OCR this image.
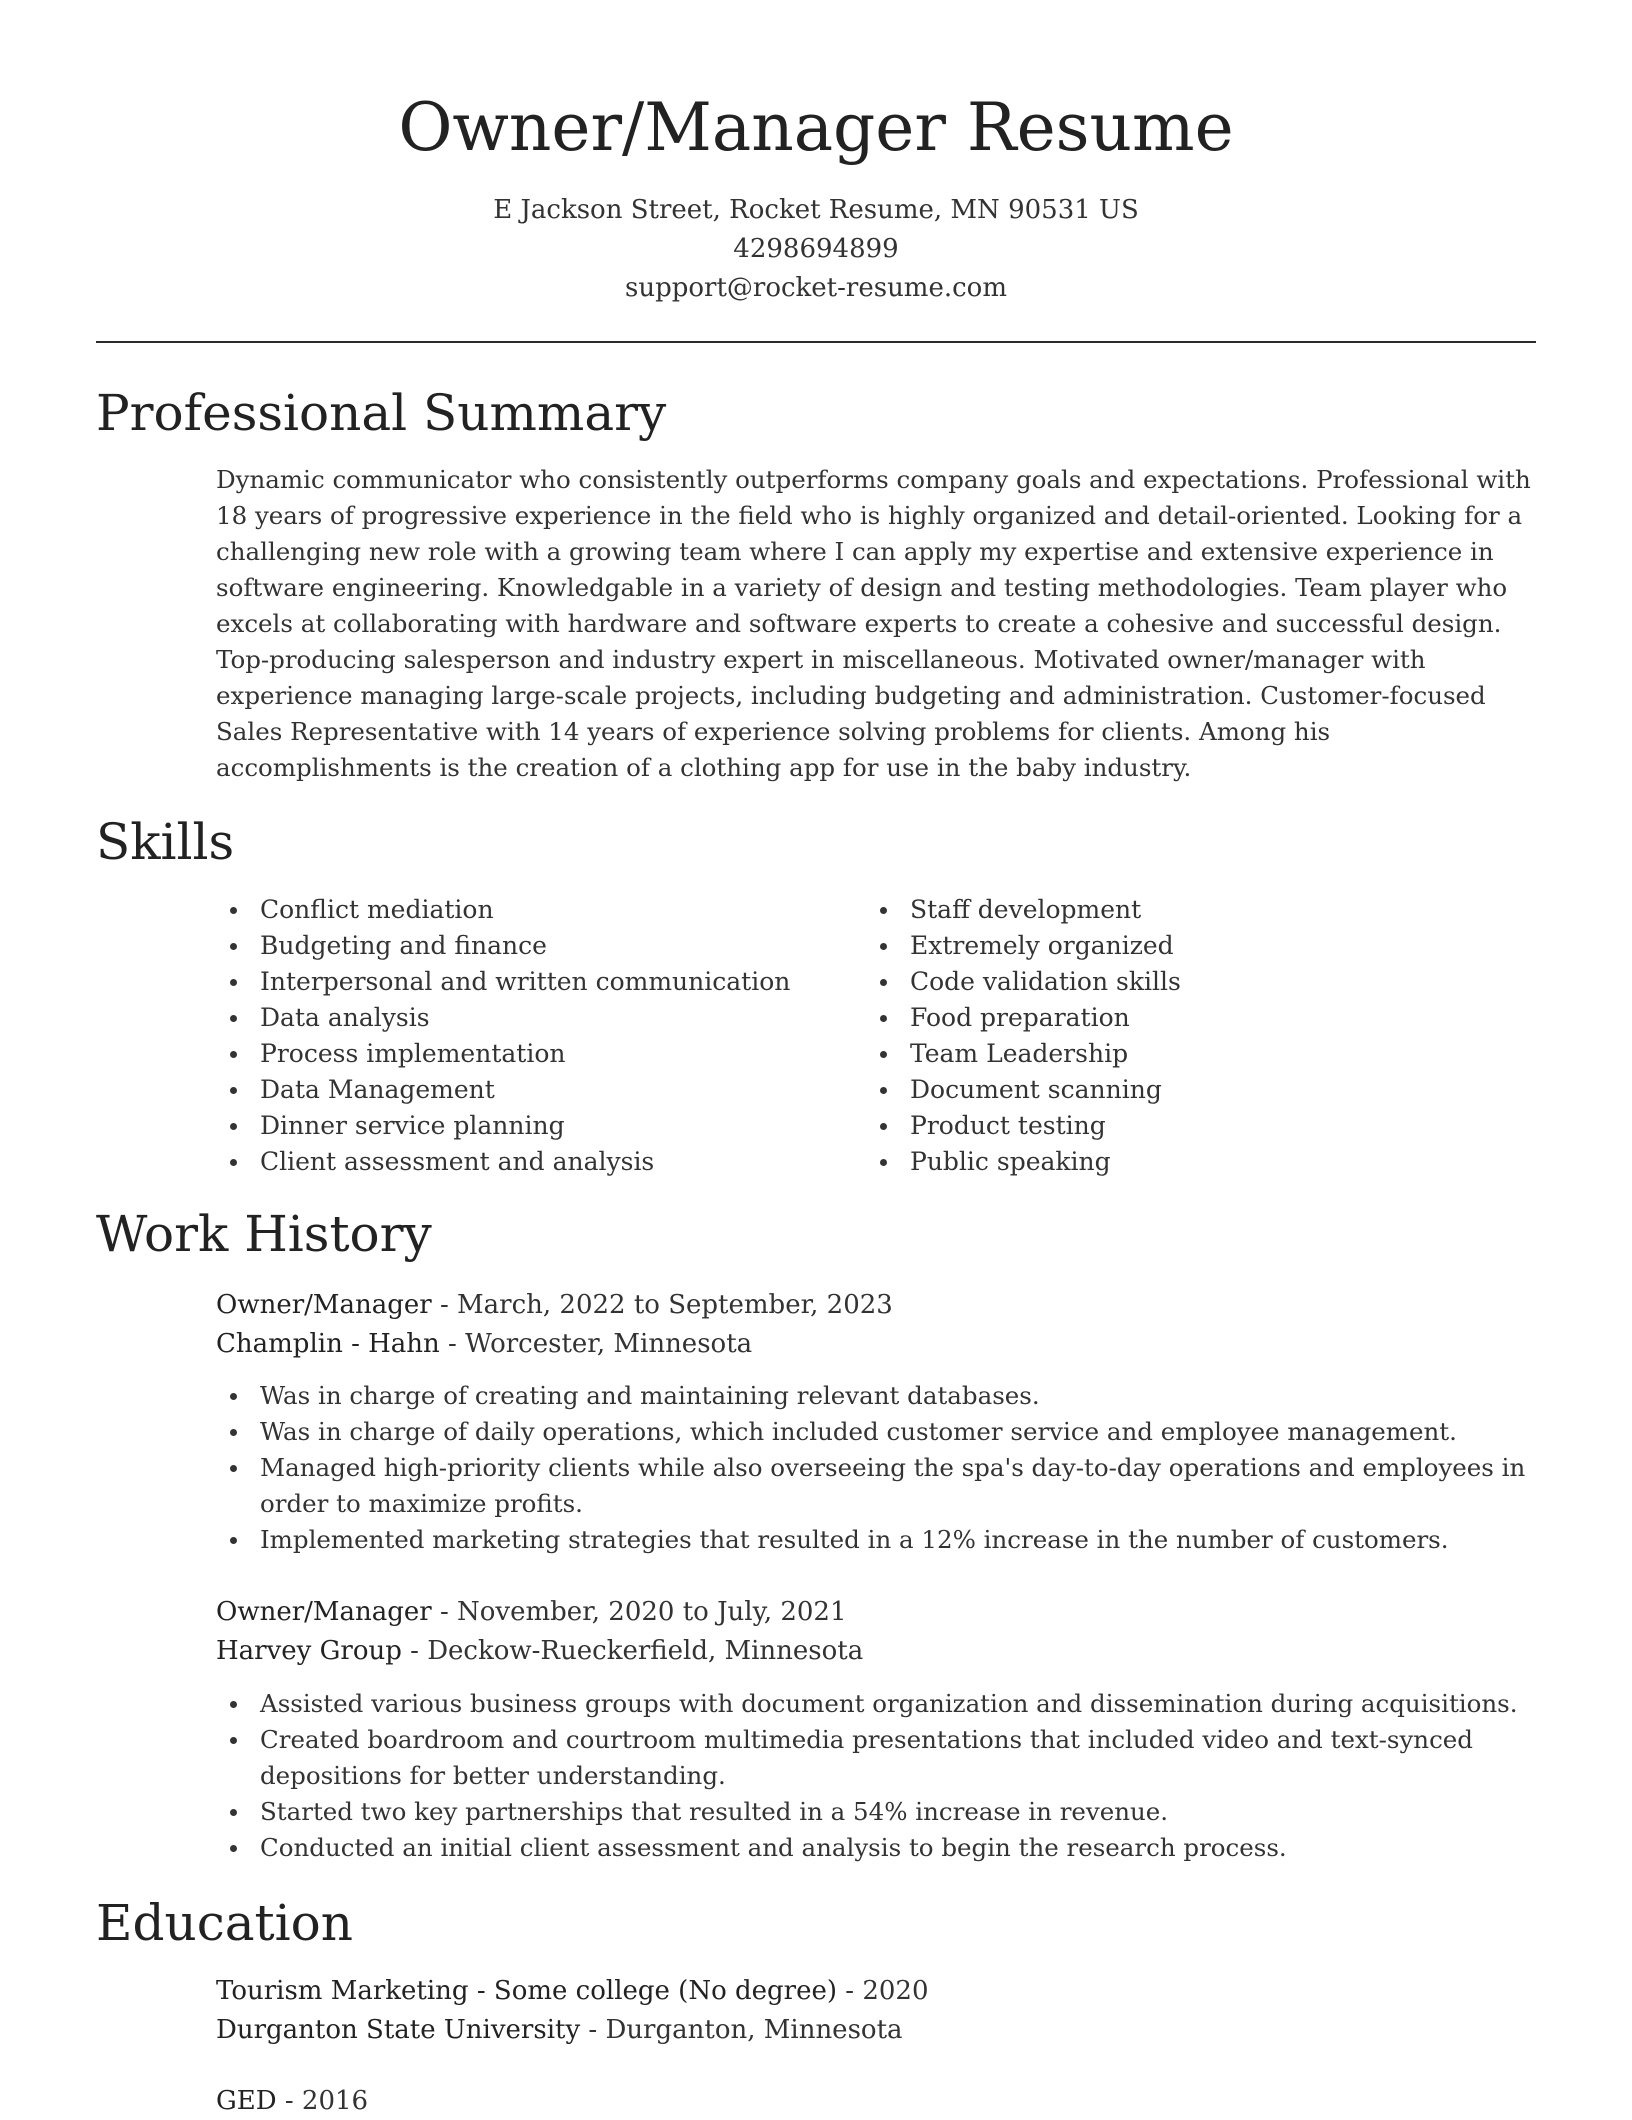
Owner/Manager Resume
E Jackson Street, Rocket Resume, MN 90531 US
4298694899
support@rocket-resume.com
Professional Summary

Dynamic communicator who consistently outperforms company goals and expectations. Professional with 18 years of progressive experience in the field who is highly organized and detail-oriented. Looking for a challenging new role with a growing team where I can apply my expertise and extensive experience in software engineering. Knowledgable in a variety of design and testing methodologies. Team player who excels at collaborating with hardware and software experts to create a cohesive and successful design. Top-producing salesperson and industry expert in miscellaneous. Motivated owner/manager with experience managing large-scale projects, including budgeting and administration. Customer-focused Sales Representative with 14 years of experience solving problems for clients. Among his accomplishments is the creation of a clothing app for use in the baby industry.

Skills
Conflict mediation
Budgeting and finance
Interpersonal and written communication
Data analysis
Process implementation
Data Management
Dinner service planning
Client assessment and analysis
Staff development
Extremely organized
Code validation skills
Food preparation
Team Leadership
Document scanning
Product testing
Public speaking
Work History
Owner/Manager - March, 2022 to September, 2023
Champlin - Hahn - Worcester, Minnesota
Was in charge of creating and maintaining relevant databases.
Was in charge of daily operations, which included customer service and employee management.
Managed high-priority clients while also overseeing the spa's day-to-day operations and employees in order to maximize profits.
Implemented marketing strategies that resulted in a 12% increase in the number of customers.
Owner/Manager - November, 2020 to July, 2021
Harvey Group - Deckow-Rueckerfield, Minnesota
Assisted various business groups with document organization and dissemination during acquisitions.
Created boardroom and courtroom multimedia presentations that included video and text-synced depositions for better understanding.
Started two key partnerships that resulted in a 54% increase in revenue.
Conducted an initial client assessment and analysis to begin the research process.
Education
Tourism Marketing - Some college (No degree) - 2020
Durganton State University - Durganton, Minnesota
GED - 2016
